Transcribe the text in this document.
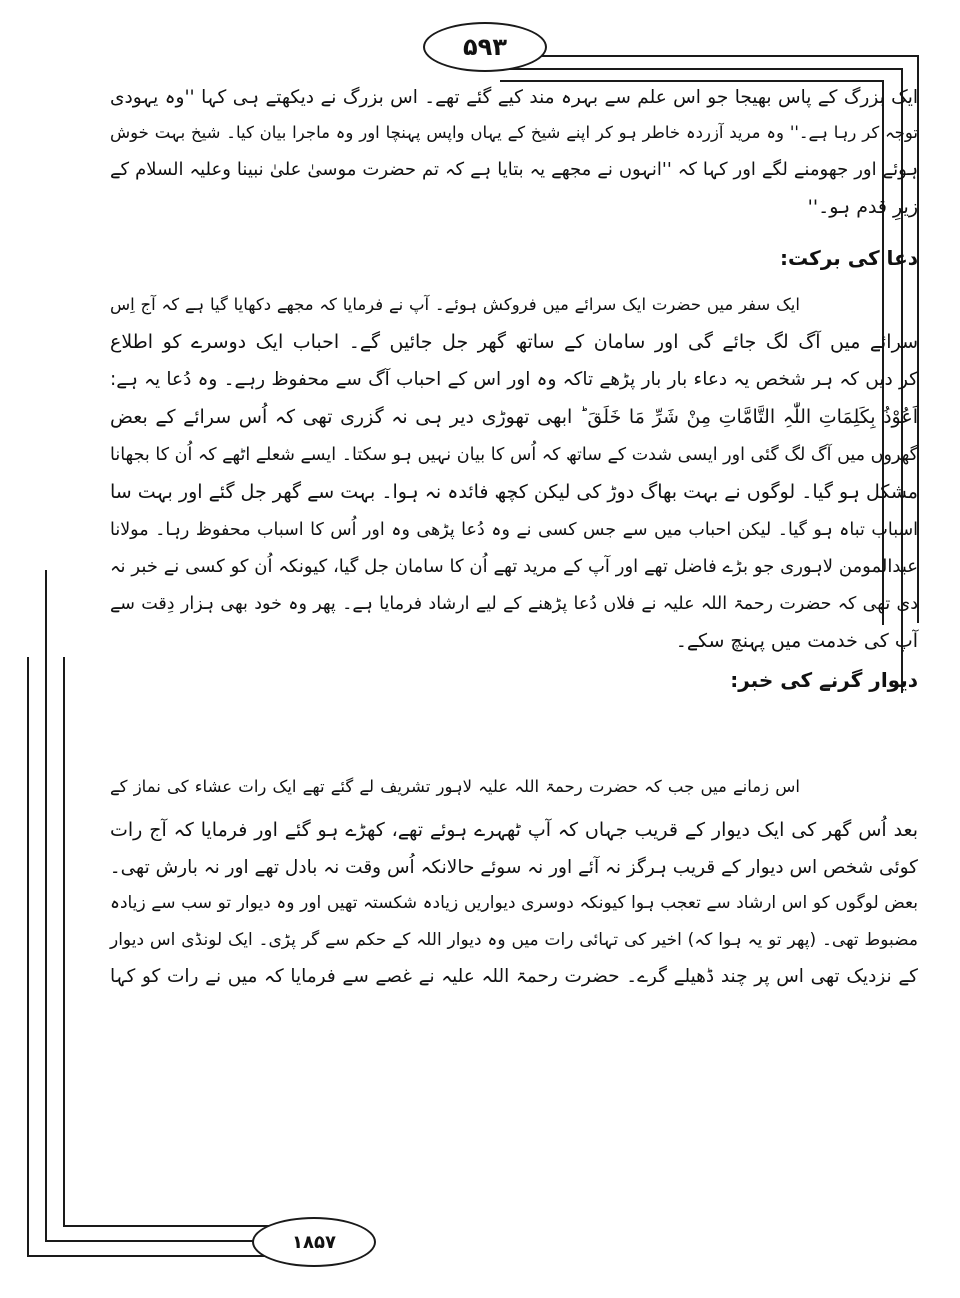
۵۹۳
۱۸۵۷
ایک بزرگ کے پاس بھیجا جو اس علم سے بہرہ مند کیے گئے تھے۔ اس بزرگ نے دیکھتے ہی کہا ''وہ یہودی
توجہ کر رہا ہے۔'' وہ مرید آزردہ خاطر ہو کر اپنے شیخ کے یہاں واپس پہنچا اور وہ ماجرا بیان کیا۔ شیخ بہت خوش
ہوئے اور جھومنے لگے اور کہا کہ ''انہوں نے مجھے یہ بتایا ہے کہ تم حضرت موسیٰ علیٰ نبینا وعلیہ السلام کے
زیرِ قدم ہو۔''
دعا کی برکت:
ایک سفر میں حضرت ایک سرائے میں فروکش ہوئے۔ آپ نے فرمایا کہ مجھے دکھایا گیا ہے کہ آج اِس
سرائے میں آگ لگ جائے گی اور سامان کے ساتھ گھر جل جائیں گے۔ احباب ایک دوسرے کو اطلاع
کر دیں کہ ہر شخص یہ دعاء بار بار پڑھے تاکہ وہ اور اس کے احباب آگ سے محفوظ رہے۔ وہ دُعا یہ ہے:
اَعُوْذُ بِکَلِمَاتِ اللّٰہِ التَّامَّاتِ مِنْ شَرِّ مَا خَلَقَ ؕ ابھی تھوڑی دیر ہی نہ گزری تھی کہ اُس سرائے کے بعض
گھروں میں آگ لگ گئی اور ایسی شدت کے ساتھ کہ اُس کا بیان نہیں ہو سکتا۔ ایسے شعلے اٹھے کہ اُن کا بجھانا
مشکل ہو گیا۔ لوگوں نے بہت بھاگ دوڑ کی لیکن کچھ فائدہ نہ ہوا۔ بہت سے گھر جل گئے اور بہت سا
اسباب تباہ ہو گیا۔ لیکن احباب میں سے جس کسی نے وہ دُعا پڑھی وہ اور اُس کا اسباب محفوظ رہا۔ مولانا
عبدالمومن لاہوری جو بڑے فاضل تھے اور آپ کے مرید تھے اُن کا سامان جل گیا، کیونکہ اُن کو کسی نے خبر نہ
دی تھی کہ حضرت رحمۃ اللہ علیہ نے فلاں دُعا پڑھنے کے لیے ارشاد فرمایا ہے۔ پھر وہ خود بھی ہزار دِقت سے
آپ کی خدمت میں پہنچ سکے۔
دیوار گرنے کی خبر:
اس زمانے میں جب کہ حضرت رحمۃ اللہ علیہ لاہور تشریف لے گئے تھے ایک رات عشاء کی نماز کے
بعد اُس گھر کی ایک دیوار کے قریب جہاں کہ آپ ٹھہرے ہوئے تھے، کھڑے ہو گئے اور فرمایا کہ آج رات
کوئی شخص اس دیوار کے قریب ہرگز نہ آئے اور نہ سوئے حالانکہ اُس وقت نہ بادل تھے اور نہ بارش تھی۔
بعض لوگوں کو اس ارشاد سے تعجب ہوا کیونکہ دوسری دیواریں زیادہ شکستہ تھیں اور وہ دیوار تو سب سے زیادہ
مضبوط تھی۔ (پھر تو یہ ہوا کہ) اخیر کی تہائی رات میں وہ دیوار اللہ کے حکم سے گر پڑی۔ ایک لونڈی اس دیوار
کے نزدیک تھی اس پر چند ڈھیلے گرے۔ حضرت رحمۃ اللہ علیہ نے غصے سے فرمایا کہ میں نے رات کو کہا
